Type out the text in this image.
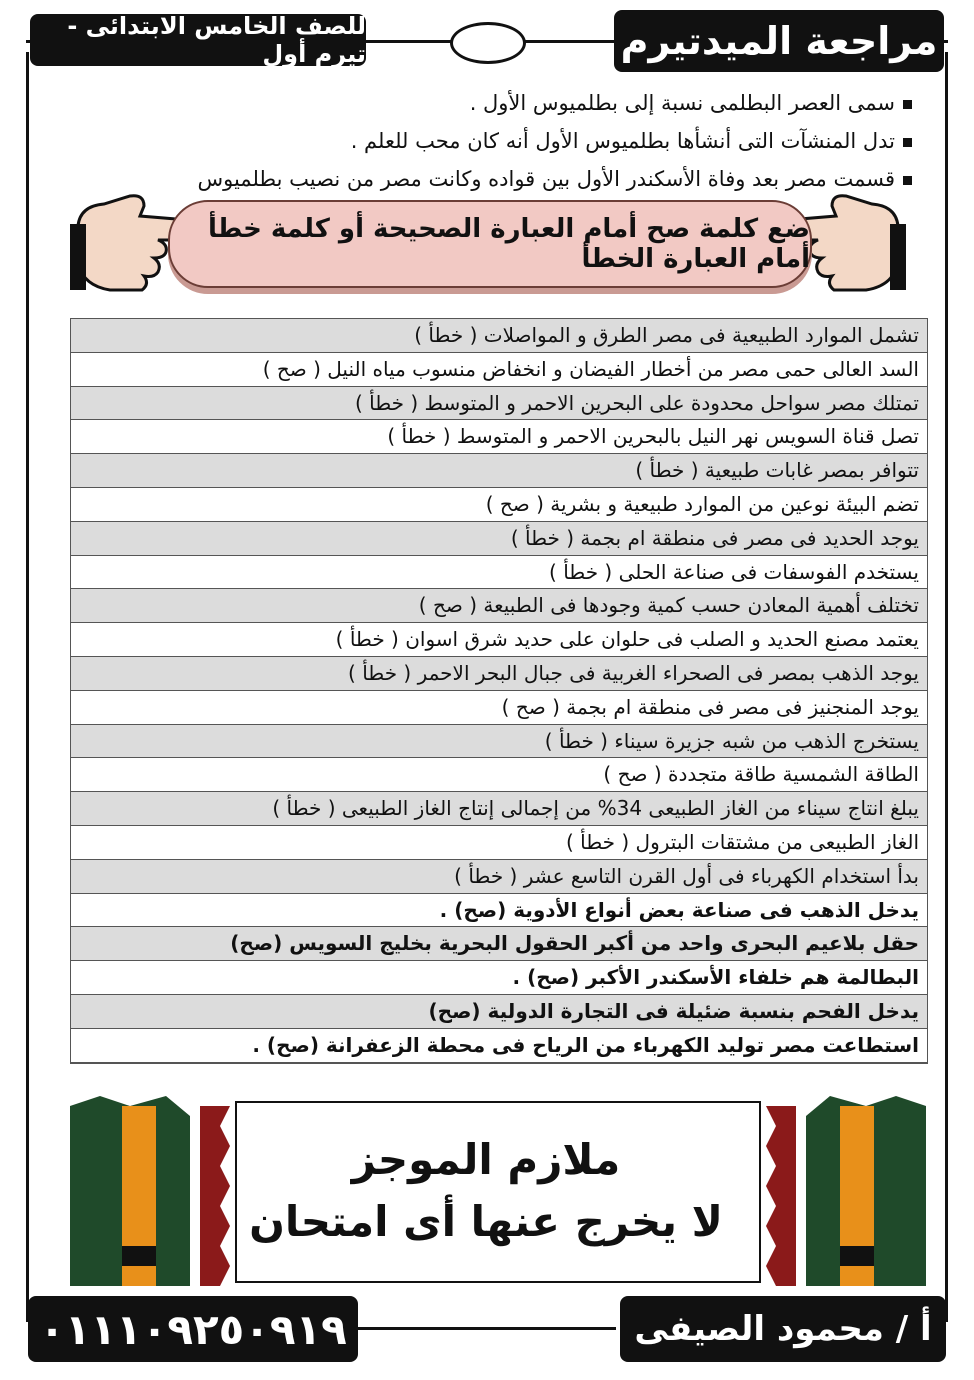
مراجعة الميدتيرم
للصف الخامس الابتدائى - تيرم أول
سمى العصر البطلمى نسبة إلى بطلميوس الأول .
تدل المنشآت التى أنشأها بطلميوس الأول أنه كان محب للعلم .
قسمت مصر بعد وفاة الأسكندر الأول بين قواده وكانت مصر من نصيب بطلميوس
ضع كلمة صح أمام العبارة الصحيحة أو كلمة خطأ أمام العبارة الخطأ
تشمل الموارد الطبيعية فى مصر الطرق و المواصلات ( خطأ )
السد العالى حمى مصر من أخطار الفيضان و انخفاض منسوب مياه النيل ( صح )
تمتلك مصر سواحل محدودة على البحرين الاحمر و المتوسط ( خطأ )
تصل قناة السويس نهر النيل بالبحرين الاحمر و المتوسط ( خطأ )
تتوافر بمصر غابات طبيعية ( خطأ )
تضم البيئة نوعين من الموارد طبيعية و بشرية ( صح )
يوجد الحديد فى مصر فى منطقة ام بجمة ( خطأ )
يستخدم الفوسفات فى صناعة الحلى ( خطأ )
تختلف أهمية المعادن حسب كمية وجودها فى الطبيعة ( صح )
يعتمد مصنع الحديد و الصلب فى حلوان على حديد شرق اسوان ( خطأ )
يوجد الذهب بمصر فى الصحراء الغربية فى جبال البحر الاحمر ( خطأ )
يوجد المنجنيز فى مصر فى منطقة ام بجمة ( صح )
يستخرج الذهب من شبه جزيرة سيناء ( خطأ )
الطاقة الشمسية طاقة متجددة ( صح )
يبلغ انتاج سيناء من الغاز الطبيعى 34% من إجمالى إنتاج الغاز الطبيعى ( خطأ )
الغاز الطبيعى من مشتقات البترول ( خطأ )
بدأ استخدام الكهرباء فى أول القرن التاسع عشر ( خطأ )
يدخل الذهب فى صناعة بعض أنواع الأدوية (صح) .
حقل بلاعيم البحرى واحد من أكبر الحقول البحرية بخليج السويس (صح)
البطالمة هم خلفاء الأسكندر الأكبر (صح) .
يدخل الفحم بنسبة ضئيلة فى التجارة الدولية (صح)
استطاعت مصر توليد الكهرباء من الرياح فى محطة الزعفرانة (صح) .
ملازم الموجز
لا يخرج عنها أى امتحان
أ / محمود الصيفى
٠١١١٠٩٢٥٠٩١٩
